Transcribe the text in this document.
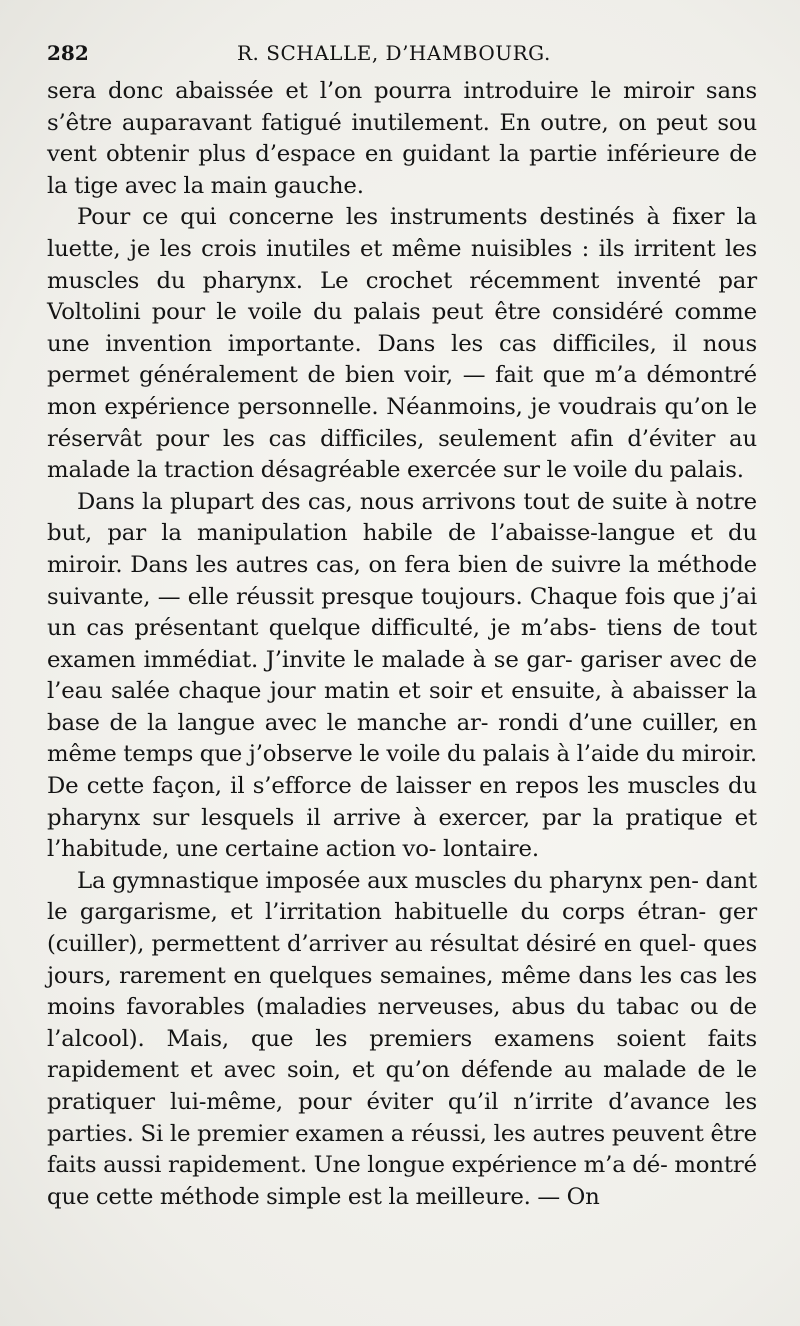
282	R. SCHALLE, D’HAMBOURG.

sera donc abaissée et l’on pourra introduire le miroir sans s’être auparavant fatigué inutilement. En outre, on peut sou vent obtenir plus d’espace en guidant la partie inférieure de la tige avec la main gauche.

Pour ce qui concerne les instruments destinés à fixer la luette, je les crois inutiles et même nuisibles : ils irritent les muscles du pharynx. Le crochet récemment inventé par Voltolini pour le voile du palais peut être considéré comme une invention importante. Dans les cas difficiles, il nous permet généralement de bien voir, — fait que m’a démontré mon expérience personnelle. Néanmoins, je voudrais qu’on le réservât pour les cas difficiles, seulement afin d’éviter au malade la traction désagréable exercée sur le voile du palais.

Dans la plupart des cas, nous arrivons tout de suite à notre but, par la manipulation habile de l’abaisse-langue et du miroir. Dans les autres cas, on fera bien de suivre la méthode suivante, — elle réussit presque toujours. Chaque fois que j’ai un cas présentant quelque difficulté, je m’abs- tiens de tout examen immédiat. J’invite le malade à se gar- gariser avec de l’eau salée chaque jour matin et soir et ensuite, à abaisser la base de la langue avec le manche ar- rondi d’une cuiller, en même temps que j’observe le voile du palais à l’aide du miroir. De cette façon, il s’efforce de laisser en repos les muscles du pharynx sur lesquels il arrive à exercer, par la pratique et l’habitude, une certaine action vo- lontaire.

La gymnastique imposée aux muscles du pharynx pen- dant le gargarisme, et l’irritation habituelle du corps étran- ger (cuiller), permettent d’arriver au résultat désiré en quel- ques jours, rarement en quelques semaines, même dans les cas les moins favorables (maladies nerveuses, abus du tabac ou de l’alcool). Mais, que les premiers examens soient faits rapidement et avec soin, et qu’on défende au malade de le pratiquer lui-même, pour éviter qu’il n’irrite d’avance les parties. Si le premier examen a réussi, les autres peuvent être faits aussi rapidement. Une longue expérience m’a dé- montré que cette méthode simple est la meilleure. — On
